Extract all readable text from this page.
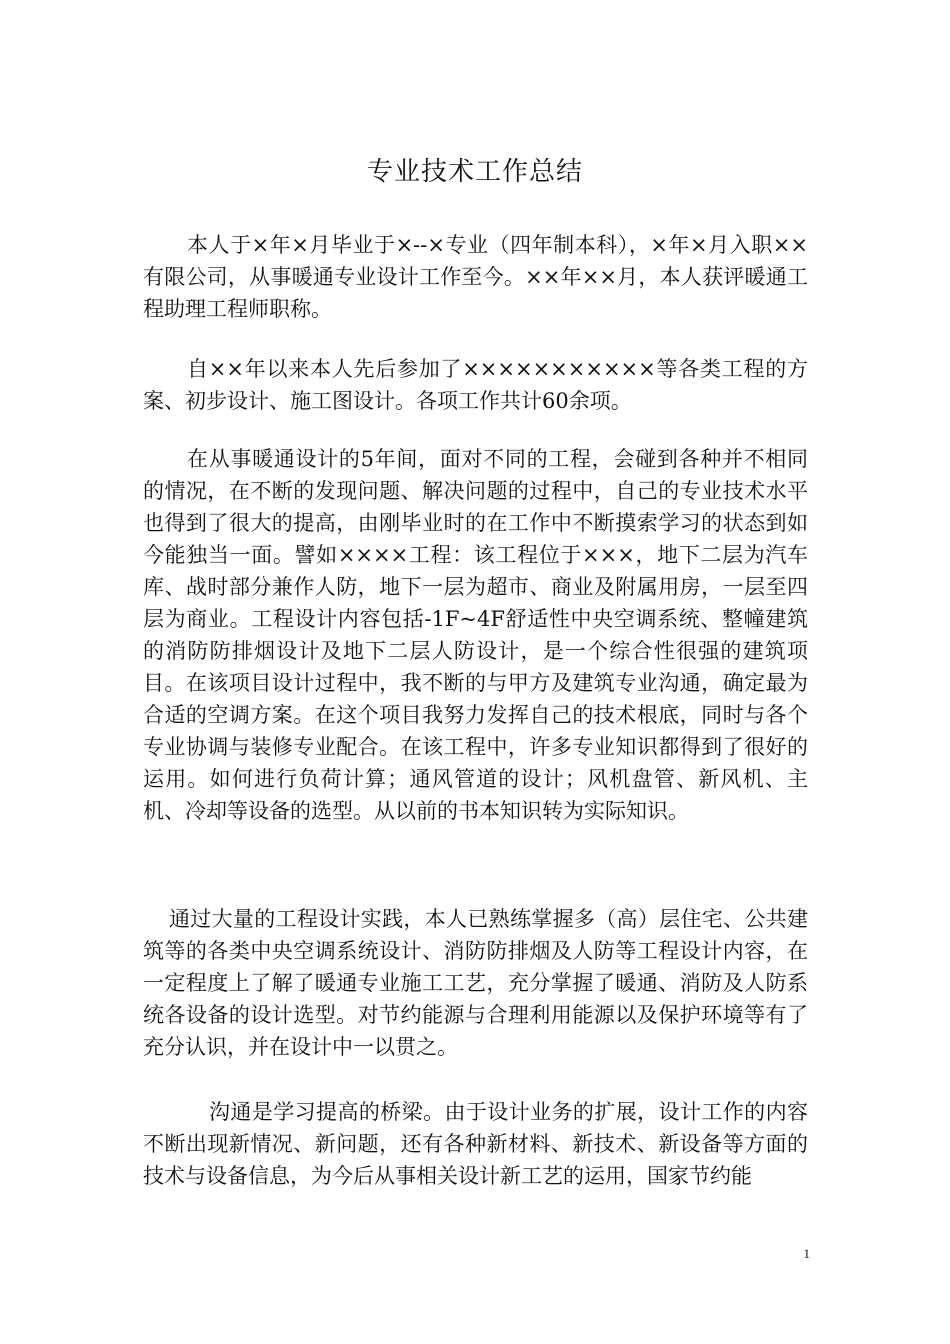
专业技术工作总结

本人于×年×月毕业于×--×专业（四年制本科），×年×月入职××有限公司，从事暖通专业设计工作至今。××年××月，本人获评暖通工程助理工程师职称。

自××年以来本人先后参加了×××××××××××等各类工程的方案、初步设计、施工图设计。各项工作共计60余项。

在从事暖通设计的5年间，面对不同的工程，会碰到各种并不相同的情况，在不断的发现问题、解决问题的过程中，自己的专业技术水平也得到了很大的提高，由刚毕业时的在工作中不断摸索学习的状态到如今能独当一面。譬如××××工程：该工程位于×××，地下二层为汽车库、战时部分兼作人防，地下一层为超市、商业及附属用房，一层至四层为商业。工程设计内容包括-1F~4F舒适性中央空调系统、整幢建筑的消防防排烟设计及地下二层人防设计，是一个综合性很强的建筑项目。在该项目设计过程中，我不断的与甲方及建筑专业沟通，确定最为合适的空调方案。在这个项目我努力发挥自己的技术根底，同时与各个专业协调与装修专业配合。在该工程中，许多专业知识都得到了很好的运用。如何进行负荷计算；通风管道的设计；风机盘管、新风机、主机、冷却等设备的选型。从以前的书本知识转为实际知识。

通过大量的工程设计实践，本人已熟练掌握多（高）层住宅、公共建筑等的各类中央空调系统设计、消防防排烟及人防等工程设计内容，在一定程度上了解了暖通专业施工工艺，充分掌握了暖通、消防及人防系统各设备的设计选型。对节约能源与合理利用能源以及保护环境等有了充分认识，并在设计中一以贯之。

沟通是学习提高的桥梁。由于设计业务的扩展，设计工作的内容不断出现新情况、新问题，还有各种新材料、新技术、新设备等方面的技术与设备信息，为今后从事相关设计新工艺的运用，国家节约能

1
